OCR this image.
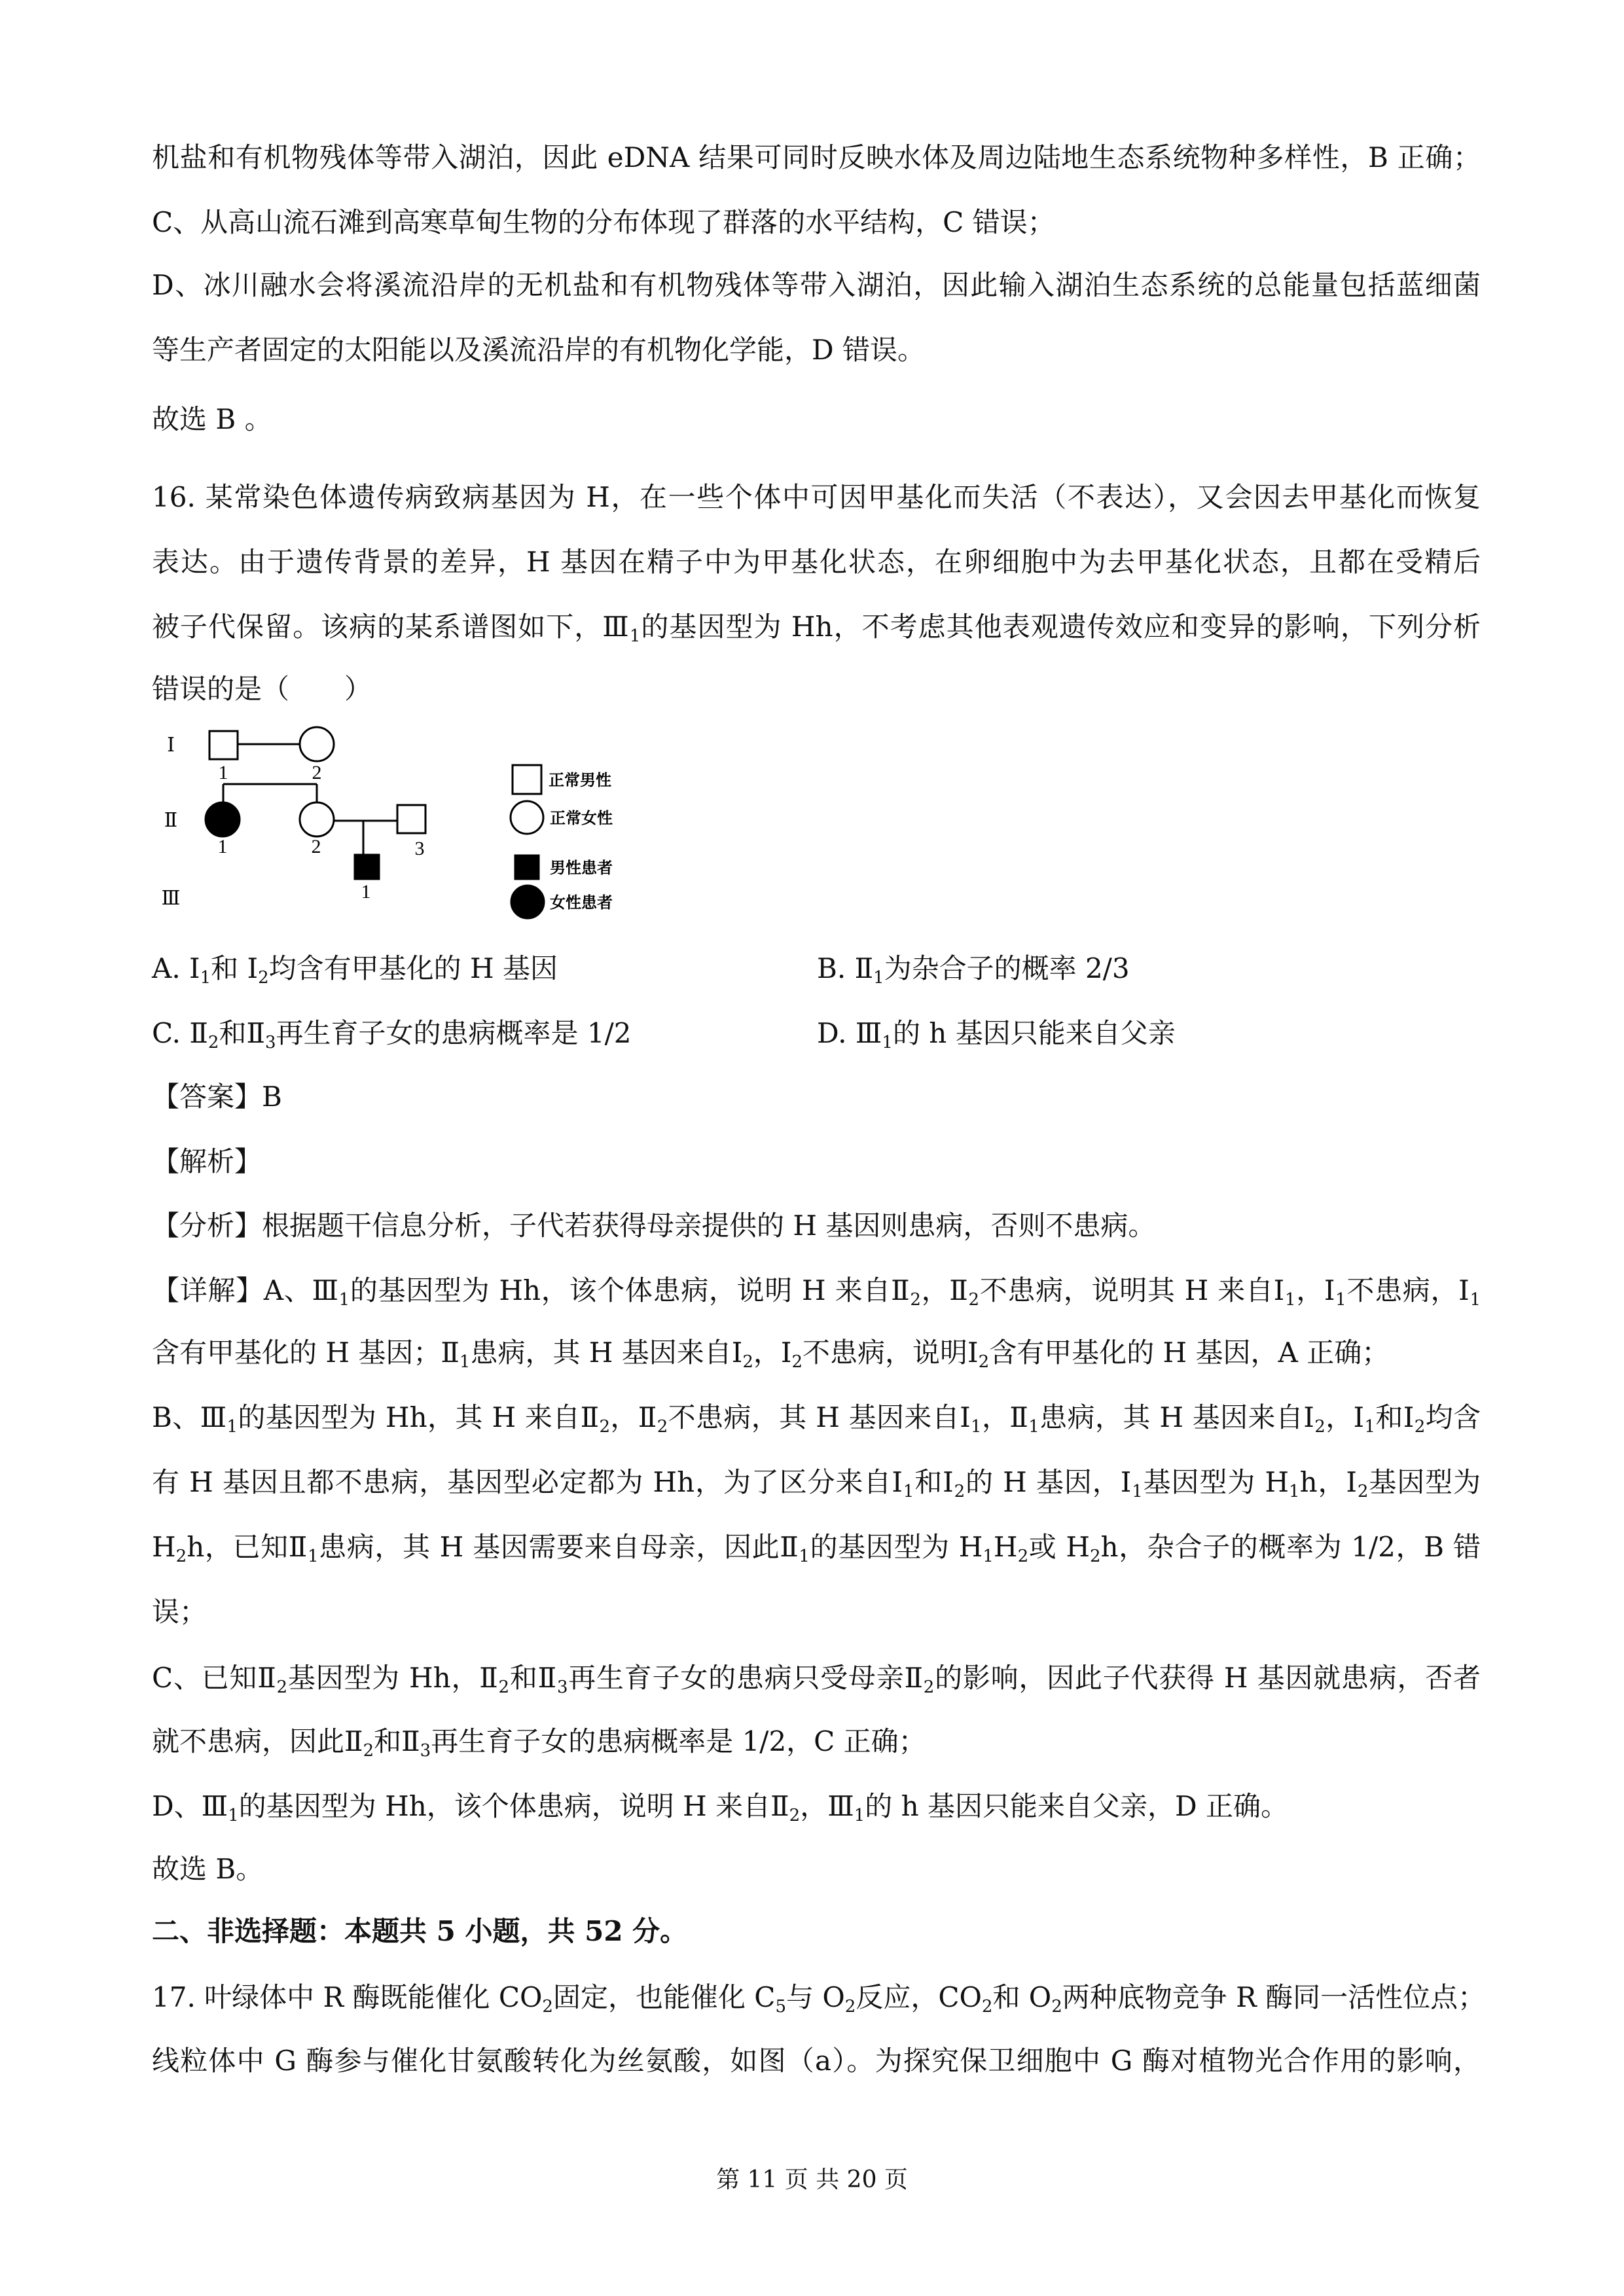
机盐和有机物残体等带入湖泊，因此 eDNA 结果可同时反映水体及周边陆地生态系统物种多样性，B 正确；
C、从高山流石滩到高寒草甸生物的分布体现了群落的水平结构，C 错误；
D、冰川融水会将溪流沿岸的无机盐和有机物残体等带入湖泊，因此输入湖泊生态系统的总能量包括蓝细菌
等生产者固定的太阳能以及溪流沿岸的有机物化学能，D 错误。
故选 B 。
16. 某常染色体遗传病致病基因为 H，在一些个体中可因甲基化而失活（不表达），又会因去甲基化而恢复
表达。由于遗传背景的差异，H 基因在精子中为甲基化状态，在卵细胞中为去甲基化状态，且都在受精后
被子代保留。该病的某系谱图如下，$Ⅲ_1$的基因型为 Hh，不考虑其他表观遗传效应和变异的影响，下列分析
错误的是（　　）
Ⅰ
Ⅱ
Ⅲ
1	2
1	2	3
1
正常男性
正常女性
男性患者
女性患者
A. $Ⅰ_1$和 $Ⅰ_2$均含有甲基化的 H 基因	B. $Ⅱ_1$为杂合子的概率 2/3
C. $Ⅱ_2$和$Ⅱ_3$再生育子女的患病概率是 1/2	D. $Ⅲ_1$的 h 基因只能来自父亲
【答案】B
【解析】
【分析】根据题干信息分析，子代若获得母亲提供的 H 基因则患病，否则不患病。
【详解】A、$Ⅲ_1$的基因型为 Hh，该个体患病，说明 H 来自$Ⅱ_2$，$Ⅱ_2$不患病，说明其 H 来自$Ⅰ_1$，$Ⅰ_1$不患病，$Ⅰ_1$
含有甲基化的 H 基因；$Ⅱ_1$患病，其 H 基因来自$Ⅰ_2$，$Ⅰ_2$不患病，说明$Ⅰ_2$含有甲基化的 H 基因，A 正确；
B、$Ⅲ_1$的基因型为 Hh，其 H 来自$Ⅱ_2$，$Ⅱ_2$不患病，其 H 基因来自$Ⅰ_1$，$Ⅱ_1$患病，其 H 基因来自$Ⅰ_2$，$Ⅰ_1$和$Ⅰ_2$均含
有 H 基因且都不患病，基因型必定都为 Hh，为了区分来自$Ⅰ_1$和$Ⅰ_2$的 H 基因，$Ⅰ_1$基因型为 $H_1h$，$Ⅰ_2$基因型为
$H_2h$，已知$Ⅱ_1$患病，其 H 基因需要来自母亲，因此$Ⅱ_1$的基因型为 $H_1H_2$或 $H_2h$，杂合子的概率为 1/2，B 错
误；
C、已知$Ⅱ_2$基因型为 Hh，$Ⅱ_2$和$Ⅱ_3$再生育子女的患病只受母亲$Ⅱ_2$的影响，因此子代获得 H 基因就患病，否者
就不患病，因此$Ⅱ_2$和$Ⅱ_3$再生育子女的患病概率是 1/2，C 正确；
D、$Ⅲ_1$的基因型为 Hh，该个体患病，说明 H 来自$Ⅱ_2$，$Ⅲ_1$的 h 基因只能来自父亲，D 正确。
故选 B。
二、非选择题：本题共 5 小题，共 52 分。
17. 叶绿体中 R 酶既能催化 $CO_2$固定，也能催化 $C_5$与 $O_2$反应，$CO_2$和 $O_2$两种底物竞争 R 酶同一活性位点；
线粒体中 G 酶参与催化甘氨酸转化为丝氨酸，如图（a）。为探究保卫细胞中 G 酶对植物光合作用的影响，
第 11 页 共 20 页
